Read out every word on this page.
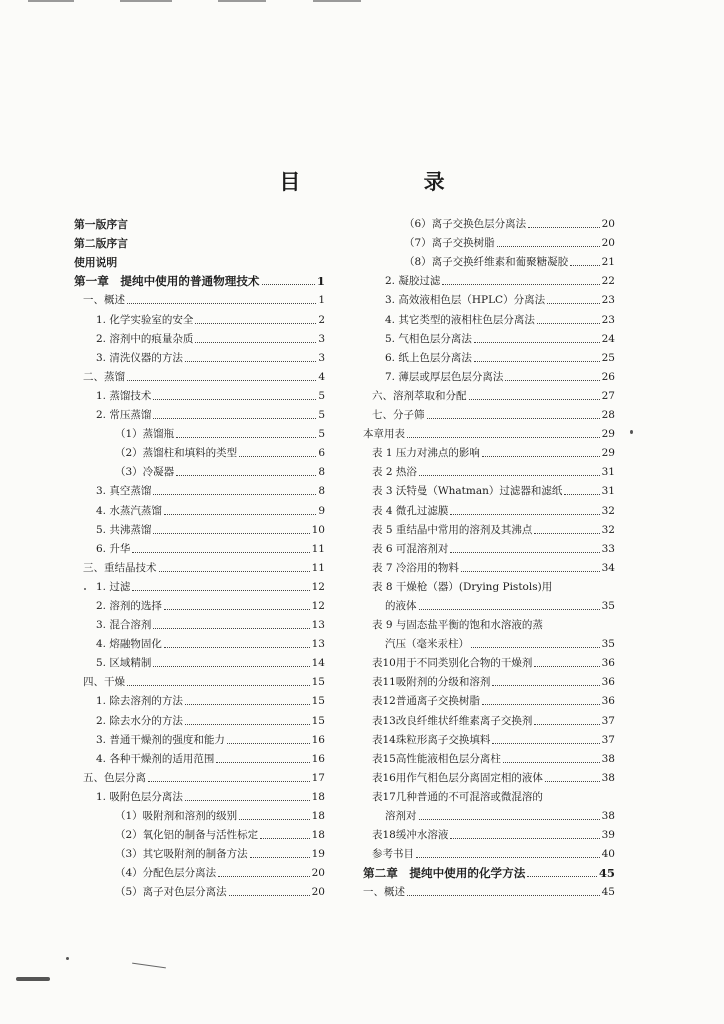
目 录
第一版序言
第二版序言
使用说明
第一章　提纯中使用的普通物理技术	1
一、概述	1
1. 化学实验室的安全	2
2. 溶剂中的痕量杂质	3
3. 清洗仪器的方法	3
二、蒸馏	4
1. 蒸馏技术	5
2. 常压蒸馏	5
（1）蒸馏瓶	5
（2）蒸馏柱和填料的类型	6
（3）冷凝器	8
3. 真空蒸馏	8
4. 水蒸汽蒸馏	9
5. 共沸蒸馏	10
6. 升华	11
三、重结晶技术	11
1. 过滤	12
2. 溶剂的选择	12
3. 混合溶剂	13
4. 熔融物固化	13
5. 区域精制	14
四、干燥	15
1. 除去溶剂的方法	15
2. 除去水分的方法	15
3. 普通干燥剂的强度和能力	16
4. 各种干燥剂的适用范围	16
五、色层分离	17
1. 吸附色层分离法	18
（1）吸附剂和溶剂的级别	18
（2）氧化铝的制备与活性标定	18
（3）其它吸附剂的制备方法	19
（4）分配色层分离法	20
（5）离子对色层分离法	20
（6）离子交换色层分离法	20
（7）离子交换树脂	20
（8）离子交换纤维素和葡聚糖凝胶	21
2. 凝胶过滤	22
3. 高效液相色层（HPLC）分离法	23
4. 其它类型的液相柱色层分离法	23
5. 气相色层分离法	24
6. 纸上色层分离法	25
7. 薄层或厚层色层分离法	26
六、溶剂萃取和分配	27
七、分子筛	28
本章用表	29
表 1 压力对沸点的影响	29
表 2 热浴	31
表 3 沃特曼（Whatman）过滤器和滤纸	31
表 4 微孔过滤膜	32
表 5 重结晶中常用的溶剂及其沸点	32
表 6 可混溶剂对	33
表 7 冷浴用的物料	34
表 8 干燥枪（器）(Drying Pistols)用
的液体	35
表 9 与固态盐平衡的饱和水溶液的蒸
汽压（毫米汞柱）	35
表10用于不同类别化合物的干燥剂	36
表11吸附剂的分级和溶剂	36
表12普通离子交换树脂	36
表13改良纤维状纤维素离子交换剂	37
表14珠粒形离子交换填料	37
表15高性能液相色层分离柱	38
表16用作气相色层分离固定相的液体	38
表17几种普通的不可混溶或微混溶的
溶剂对	38
表18缓冲水溶液	39
参考书目	40
第二章　提纯中使用的化学方法	45
一、概述	45
